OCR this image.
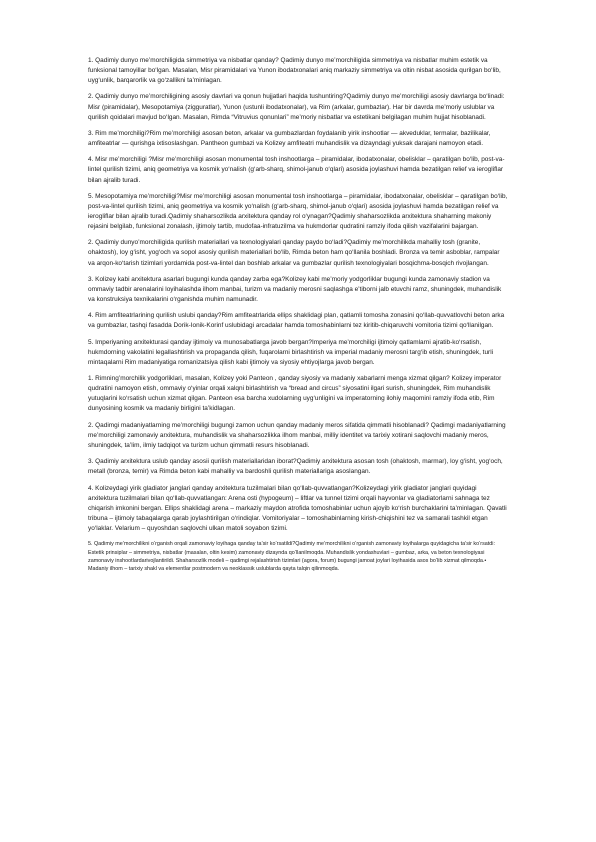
1. Qadimiy dunyo me’morchiligida simmetriya va nisbatlar qanday? Qadimiy dunyo me’morchiligida simmetriya va nisbatlar muhim estetik va funksional tamoyillar bo‘lgan. Masalan, Misr piramidalari va Yunon ibodatxonalari aniq markaziy simmetriya va oltin nisbat asosida qurilgan bo‘lib, uyg‘unlik, barqarorlik va go‘zallikni ta’minlagan.

2. Qadimiy dunyo me’morchiligining asosiy davrlari va qonun hujjatlari haqida tushuntiring?Qadimiy dunyo me’morchiligi asosiy davrlarga bo‘linadi: Misr (piramidalar), Mesopotamiya (zigguratlar), Yunon (ustunli ibodatxonalar), va Rim (arkalar, gumbazlar). Har bir davrda me’moriy uslublar va qurilish qoidalari mavjud bo‘lgan. Masalan, Rimda “Vitruvius qonunlari” me’moriy nisbatlar va estetikani belgilagan muhim hujjat hisoblanadi.

3. Rim me’morchiligi?Rim me’morchiligi asosan beton, arkalar va gumbazlardan foydalanib yirik inshootlar — akveduklar, termalar, bazilikalar, amfiteatrlar — qurishga ixtisoslashgan. Pantheon gumbazi va Kolizey amfiteatri muhandislik va dizayndagi yuksak darajani namoyon etadi.

4. Misr me’morchiligi ?Misr me’morchiligi asosan monumental tosh inshootlarga – piramidalar, ibodatxonalar, obelisklar – qaratilgan bo‘lib, post-va-lintel qurilish tizimi, aniq geometriya va kosmik yo‘nalish (g‘arb-sharq, shimol-janub o‘qlari) asosida joylashuvi hamda bezatilgan relief va ierogliflar bilan ajralib turadi.

5. Mesopotamiya me’morchiligi?Misr me’morchiligi asosan monumental tosh inshootlarga – piramidalar, ibodatxonalar, obelisklar – qaratilgan bo‘lib, post-va-lintel qurilish tizimi, aniq geometriya va kosmik yo‘nalish (g‘arb-sharq, shimol-janub o‘qlari) asosida joylashuvi hamda bezatilgan relief va ierogliflar bilan ajralib turadi.Qadimiy shaharsozlikda arxitektura qanday rol o‘ynagan?Qadimiy shaharsozlikda arxitektura shaharning makoniy rejasini belgilab, funksional zonalash, ijtimoiy tartib, mudofaa-infratuzilma va hukmdorlar qudratini ramziy ifoda qilish vazifalarini bajargan.

2. Qadimiy dunyo’morchiligida qurilish materiallari va texnologiyalari qanday paydo bo‘ladi?Qadimiy me’morchilikda mahalliy tosh (granite, ohaktosh), loy g‘isht, yog‘och va sopol asosiy qurilish materiallari bo‘lib, Rimda beton ham qo‘llanila boshladi. Bronza va temir asboblar, rampalar va arqon-ko‘tarish tizimlari yordamida post-va-lintel dan boshlab arkalar va gumbazlar qurilish texnologiyalari bosqichma-bosqich rivojlangan.

3. Kolizey kabi arxitektura asarlari bugungi kunda qanday zarba ega?Kolizey kabi me’moriy yodgorliklar bugungi kunda zamonaviy stadion va ommaviy tadbir arenalarini loyihalashda ilhom manbai, turizm va madaniy merosni saqlashga e’tiborni jalb etuvchi ramz, shuningdek, muhandislik va konstruksiya texnikalarini o‘rganishda muhim namunadir.

4. Rim amfiteatrlarining qurilish uslubi qanday?Rim amfiteatrlarida ellips shaklidagi plan, qatlamli tomosha zonasini qo‘llab-quvvatlovchi beton arka va gumbazlar, tashqi fasadda Dorik-Ionik-Korinf uslubidagi arcadalar hamda tomoshabinlarni tez kiritib-chiqaruvchi vomitoria tizimi qo‘llanilgan.

5. Imperiyaning arxitekturasi qanday ijtimoiy va munosabatlarga javob bergan?Imperiya me’morchiligi ijtimoiy qatlamlarni ajratib-ko‘rsatish, hukmdorning vakolatini legallashtirish va propaganda qilish, fuqarolarni birlashtirish va imperial madaniy merosni targ‘ib etish, shuningdek, turli mintaqalarni Rim madaniyatiga romanizatsiya qilish kabi ijtimoiy va siyosiy ehtiyojlarga javob bergan.

1. Rimning’morchilik yodgorliklari, masalan, Kolizey yoki Panteon , qanday siyosiy va madaniy xabarlarni menga xizmat qilgan? Kolizey imperator qudratini namoyon etish, ommaviy o‘yinlar orqali xalqni birlashtirish va “bread and circus” siyosatini ilgari surish, shuningdek, Rim muhandislik yutuqlarini ko‘rsatish uchun xizmat qilgan. Panteon esa barcha xudolarning uyg‘unligini va imperatorning ilohiy maqomini ramziy ifoda etib, Rim dunyosining kosmik va madaniy birligini ta’kidlagan.

2. Qadimgi madaniyatlarning me’morchiligi bugungi zamon uchun qanday madaniy meros sifatida qimmatli hisoblanadi? Qadimgi madaniyatlarning me’morchiligi zamonaviy arxitektura, muhandislik va shaharsozlikka ilhom manbai, milliy identitet va tarixiy xotirani saqlovchi madaniy meros, shuningdek, ta’lim, ilmiy tadqiqot va turizm uchun qimmatli resurs hisoblanadi.

3. Qadimiy arxitektura uslub qanday asosii qurilish materiallaridan iborat?Qadimiy arxitektura asosan tosh (ohaktosh, marmar), loy g‘isht, yog‘och, metall (bronza, temir) va Rimda beton kabi mahalliy va bardoshli qurilish materiallariga asoslangan.

4. Kolizeydagi yirik gladiator janglari qanday arxitektura tuzilmalari bilan qo‘llab-quvvatlangan?Kolizeydagi yirik gladiator janglari quyidagi arxitektura tuzilmalari bilan qo‘llab-quvvatlangan: Arena osti (hypogeum) – liftlar va tunnel tizimi orqali hayvonlar va gladiatorlarni sahnaga tez chiqarish imkonini bergan. Ellips shaklidagi arena – markaziy maydon atrofida tomoshabinlar uchun ajoyib ko‘rish burchaklarini ta’minlagan. Qavatli tribuna – ijtimoiy tabaqalarga qarab joylashtirilgan o‘rindiqlar. Vomitoriyalar – tomoshabinlarning kirish-chiqishini tez va samarali tashkil etgan yo‘laklar. Velarium – quyoshdan saqlovchi ulkan matoli soyabon tizimi.

5. Qadimiy me’morchilikni o‘rganish orqali zamonaviy loyihaga qanday ta’sir ko‘rsatildi?Qadimiy me’morchilikni o‘rganish zamonaviy loyihalarga quyidagicha ta’sir ko‘rsatdi: Estetik prinsiplar – simmetriya, nisbatlar (masalan, oltin kesim) zamonaviy dizaynda qo‘llanilmoqda. Muhandislik yondashuvlari – gumbaz, arka, va beton texnologiyasi zamonaviy inshootlardarivojlantirildi. Shaharsozlik modeli – qadimgi rejalashtirish tizimlari (agora, forum) bugungi jamoat joylari loyihasida asos bo‘lib xizmat qilmoqda.• Madaniy ilhom – tarixiy shakl va elementlar postmodern va neoklassik uslublarda qayta talqin qilinmoqda.
